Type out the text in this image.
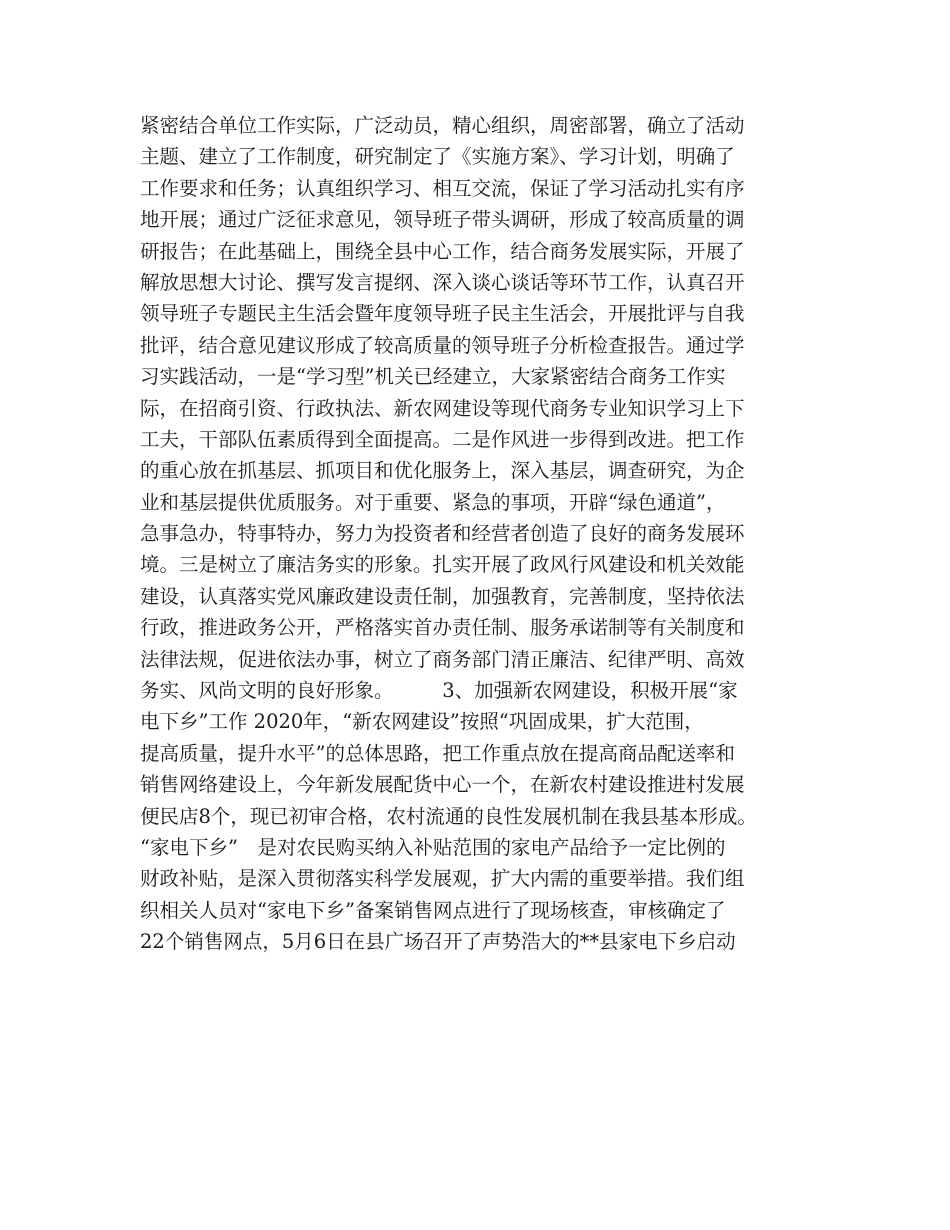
紧密结合单位工作实际，广泛动员，精心组织，周密部署，确立了活动
主题、建立了工作制度，研究制定了《实施方案》、学习计划，明确了
工作要求和任务；认真组织学习、相互交流，保证了学习活动扎实有序
地开展；通过广泛征求意见，领导班子带头调研，形成了较高质量的调
研报告；在此基础上，围绕全县中心工作，结合商务发展实际，开展了
解放思想大讨论、撰写发言提纲、深入谈心谈话等环节工作，认真召开
领导班子专题民主生活会暨年度领导班子民主生活会，开展批评与自我
批评，结合意见建议形成了较高质量的领导班子分析检查报告。通过学
习实践活动，一是“学习型”机关已经建立，大家紧密结合商务工作实
际，在招商引资、行政执法、新农网建设等现代商务专业知识学习上下
工夫，干部队伍素质得到全面提高。二是作风进一步得到改进。把工作
的重心放在抓基层、抓项目和优化服务上，深入基层，调查研究，为企
业和基层提供优质服务。对于重要、紧急的事项，开辟“绿色通道”，
急事急办，特事特办，努力为投资者和经营者创造了良好的商务发展环
境。三是树立了廉洁务实的形象。扎实开展了政风行风建设和机关效能
建设，认真落实党风廉政建设责任制，加强教育，完善制度，坚持依法
行政，推进政务公开，严格落实首办责任制、服务承诺制等有关制度和
法律法规，促进依法办事，树立了商务部门清正廉洁、纪律严明、高效
务实、风尚文明的良好形象。　　　3、加强新农网建设，积极开展“家
电下乡”工作 2020年，“新农网建设”按照“巩固成果，扩大范围，
提高质量，提升水平”的总体思路，把工作重点放在提高商品配送率和
销售网络建设上，今年新发展配货中心一个，在新农村建设推进村发展
便民店8个，现已初审合格，农村流通的良性发展机制在我县基本形成。
“家电下乡”　是对农民购买纳入补贴范围的家电产品给予一定比例的
财政补贴，是深入贯彻落实科学发展观，扩大内需的重要举措。我们组
织相关人员对“家电下乡”备案销售网点进行了现场核查，审核确定了
22个销售网点，5月6日在县广场召开了声势浩大的**县家电下乡启动
